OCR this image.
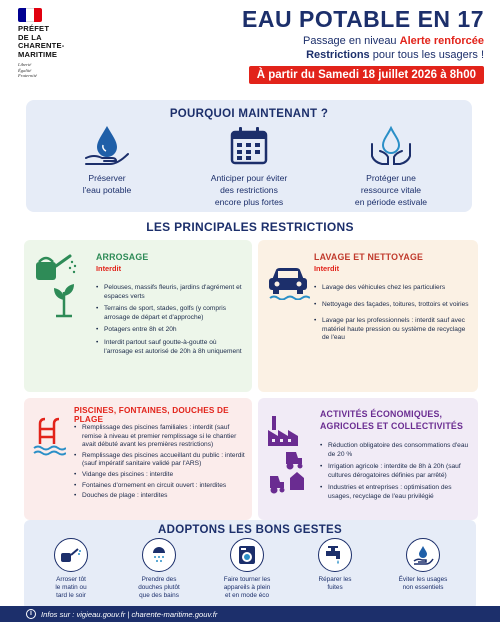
PRÉFET
DE LA
CHARENTE-
MARITIME
Liberté
Égalité
Fraternité
EAU POTABLE EN 17
Passage en niveau Alerte renforcée
Restrictions pour tous les usagers !
À partir du Samedi 18 juillet 2026 à 8h00
POURQUOI MAINTENANT ?
Préserver
l'eau potable
Anticiper pour éviter
des restrictions
encore plus fortes
Protéger une
ressource vitale
en période estivale
LES PRINCIPALES RESTRICTIONS
ARROSAGE
Interdit
• Pelouses, massifs fleuris, jardins d'agrément et espaces verts
• Terrains de sport, stades, golfs (y compris arrosage de départ et d'approche)
• Potagers entre 8h et 20h
• Interdit partout sauf goutte-à-goutte où l'arrosage est autorisé de 20h à 8h uniquement
LAVAGE ET NETTOYAGE
Interdit
• Lavage des véhicules chez les particuliers
• Nettoyage des façades, toitures, trottoirs et voiries
• Lavage par les professionnels : interdit sauf avec matériel haute pression ou système de recyclage de l'eau
PISCINES, FONTAINES, DOUCHES DE PLAGE
• Remplissage des piscines familiales : interdit (sauf remise à niveau et premier remplissage si le chantier avait débuté avant les premières restrictions)
• Remplissage des piscines accueillant du public : interdit (sauf impératif sanitaire validé par l'ARS)
• Vidange des piscines : interdite
• Fontaines d'ornement en circuit ouvert : interdites
• Douches de plage : interdites
ACTIVITÉS ÉCONOMIQUES,
AGRICOLES ET COLLECTIVITÉS
• Réduction obligatoire des consommations d'eau de 20 %
• Irrigation agricole : interdite de 8h à 20h (sauf cultures dérogatoires définies par arrêté)
• Industries et entreprises : optimisation des usages, recyclage de l'eau privilégié
ADOPTONS LES BONS GESTES
Arroser tôt
le matin ou
tard le soir
Prendre des
douches plutôt
que des bains
Faire tourner les
appareils à plein
et en mode éco
Réparer les
fuites
Éviter les usages
non essentiels
i	Infos sur : vigieau.gouv.fr | charente-maritime.gouv.fr
